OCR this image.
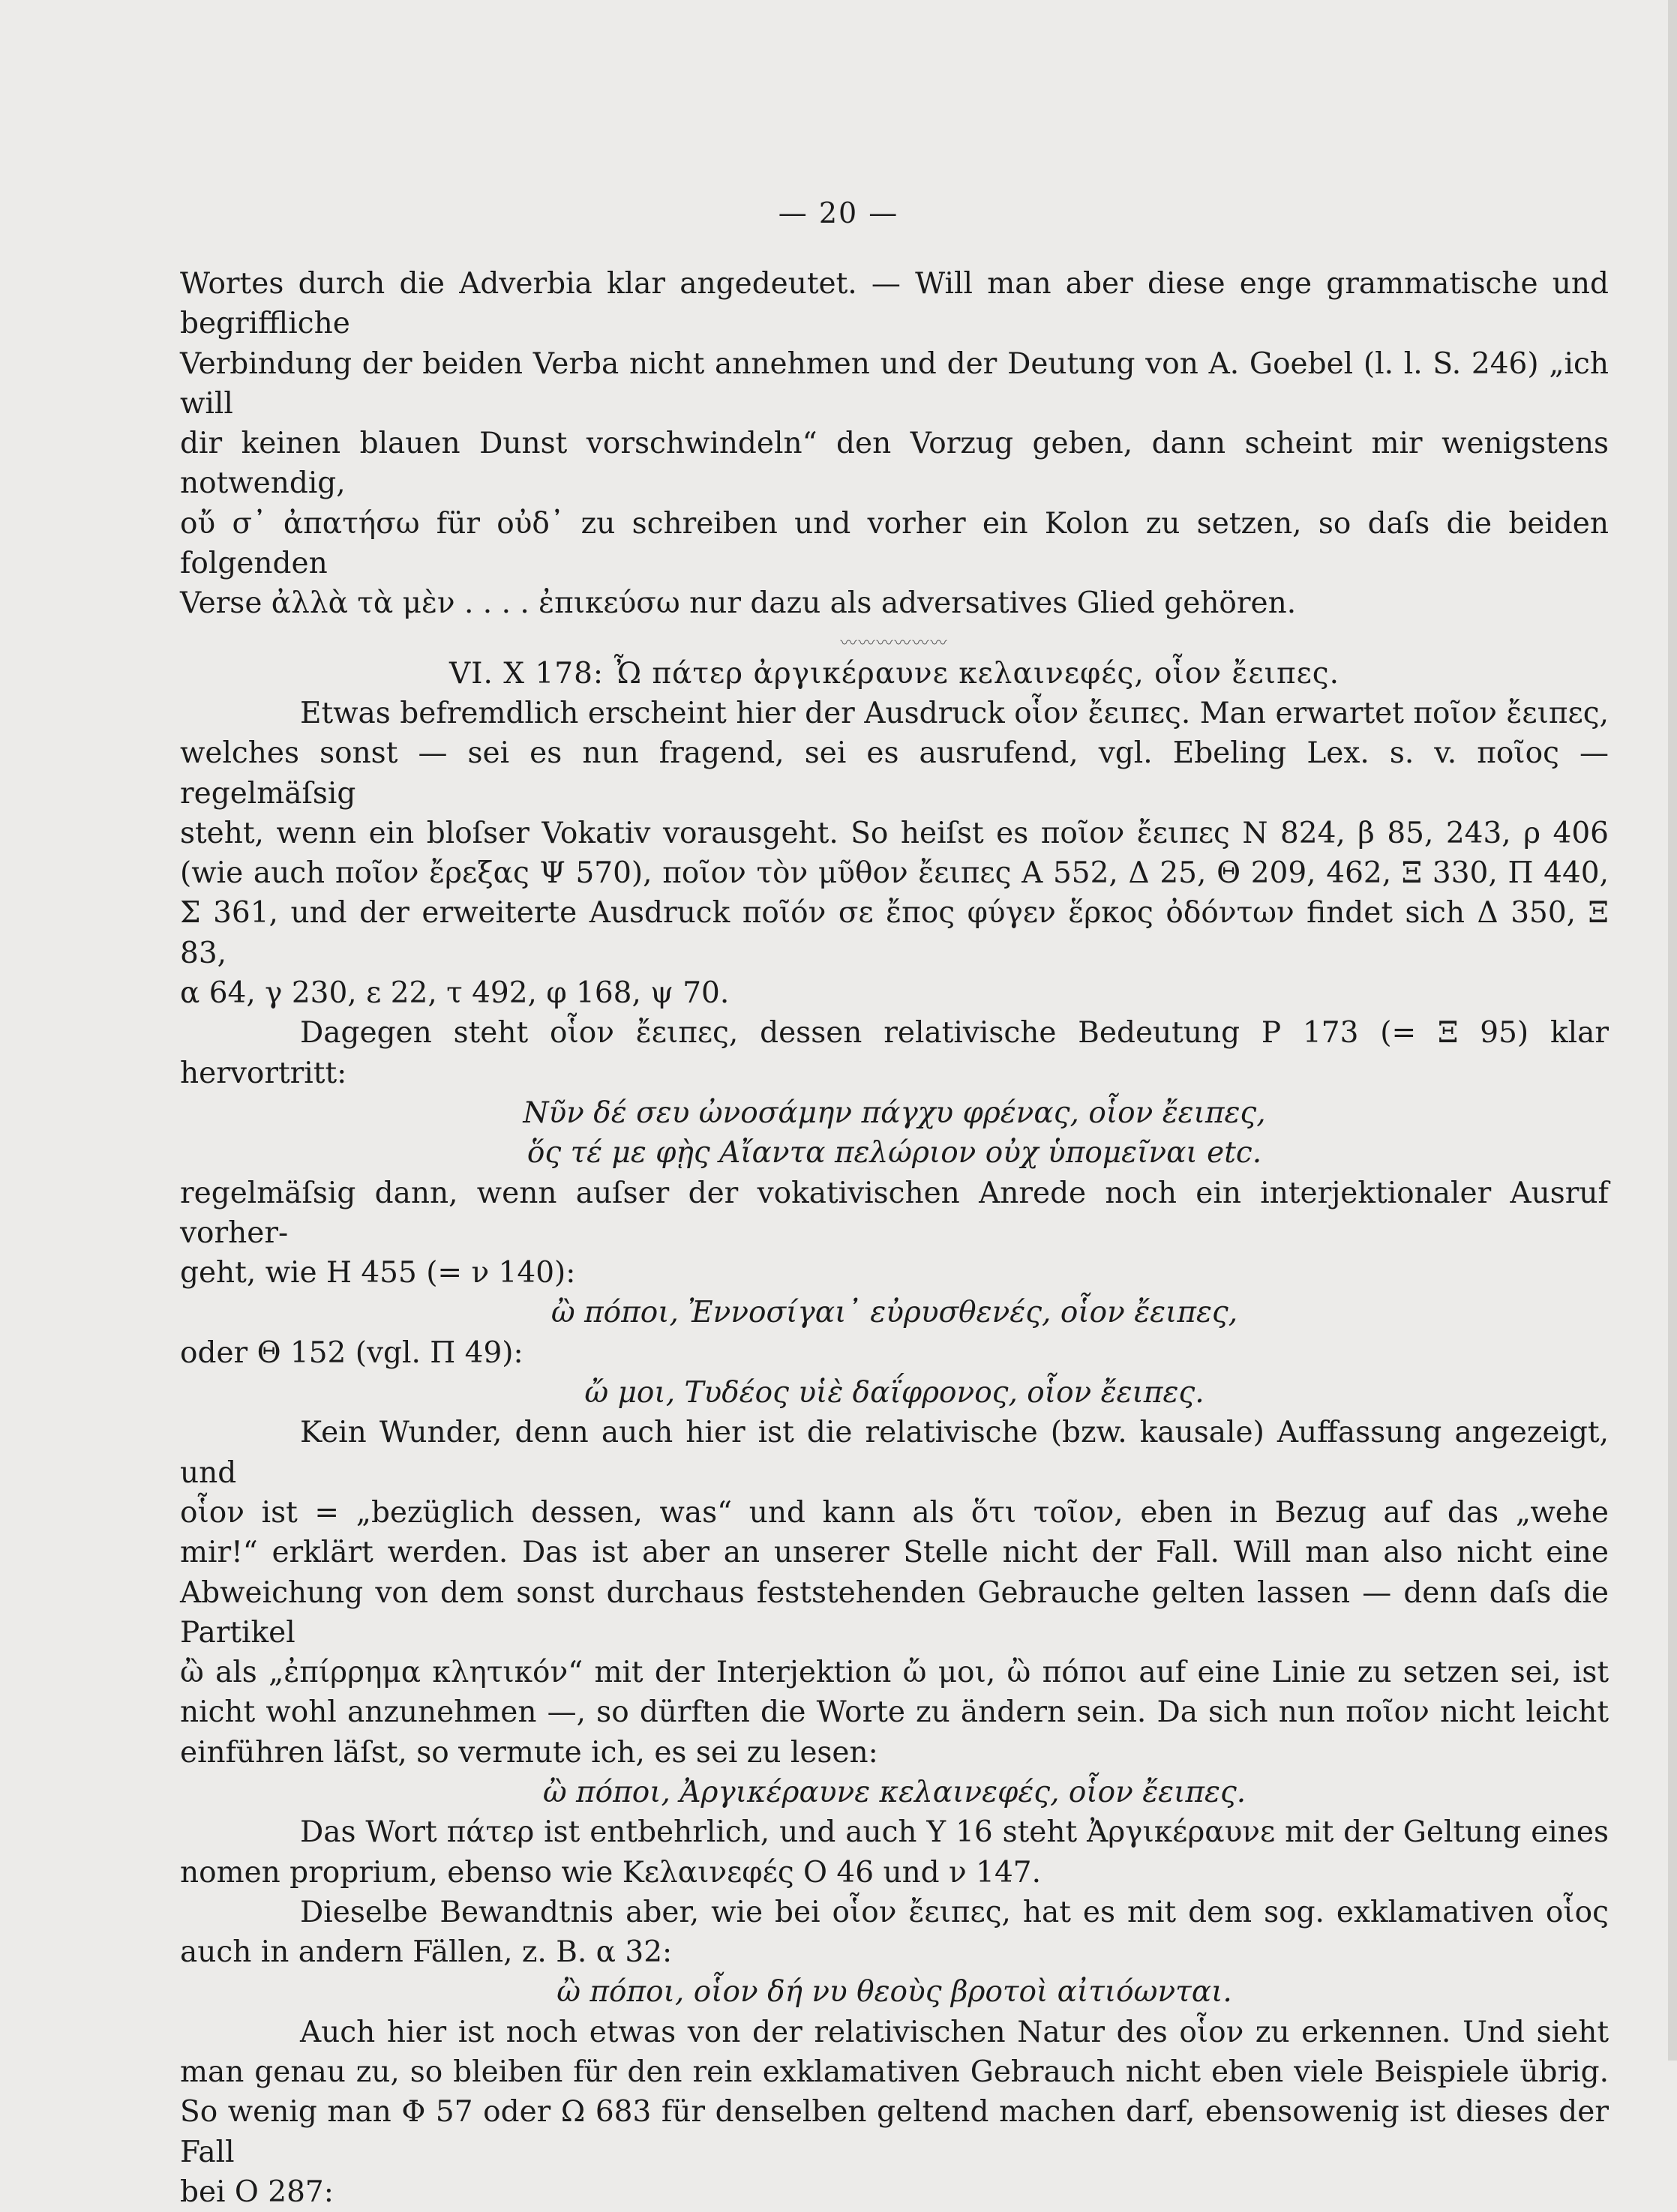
— 20 —

Wortes durch die Adverbia klar angedeutet. — Will man aber diese enge grammatische und begriffliche

Verbindung der beiden Verba nicht annehmen und der Deutung von A. Goebel (l. l. S. 246) „ich will

dir keinen blauen Dunst vorschwindeln“ den Vorzug geben, dann scheint mir wenigstens notwendig,

οὔ σ᾽ ἀπατήσω für οὐδ᾽ zu schreiben und vorher ein Kolon zu setzen, so daſs die beiden folgenden

Verse ἀλλὰ τὰ μὲν . . . . ἐπικεύσω nur dazu als adversatives Glied gehören.

〰〰〰〰〰〰

VI. Χ 178: Ὦ πάτερ ἀργικέραυνε κελαινεφές, οἷον ἔειπες.

Etwas befremdlich erscheint hier der Ausdruck οἷον ἔειπες. Man erwartet ποῖον ἔειπες,

welches sonst — sei es nun fragend, sei es ausrufend, vgl. Ebeling Lex. s. v. ποῖος — regelmäſsig

steht, wenn ein bloſser Vokativ vorausgeht. So heiſst es ποῖον ἔειπες Ν 824, β 85, 243, ρ 406

(wie auch ποῖον ἔρεξας Ψ 570), ποῖον τὸν μῦθον ἔειπες Α 552, Δ 25, Θ 209, 462, Ξ 330, Π 440,

Σ 361, und der erweiterte Ausdruck ποῖόν σε ἔπος φύγεν ἕρκος ὀδόντων findet sich Δ 350, Ξ 83,

α 64, γ 230, ε 22, τ 492, φ 168, ψ 70.

Dagegen steht οἷον ἔειπες, dessen relativische Bedeutung Ρ 173 (= Ξ 95) klar hervortritt:

Νῦν δέ σευ ὠνοσάμην πάγχυ φρένας, οἷον ἔειπες,

ὅς τέ με φῂς Αἴαντα πελώριον οὐχ ὑπομεῖναι etc.

regelmäſsig dann, wenn auſser der vokativischen Anrede noch ein interjektionaler Ausruf vorher-

geht, wie Η 455 (= ν 140):

ὢ πόποι, Ἐννοσίγαι᾽ εὐρυσθενές, οἷον ἔειπες,

oder Θ 152 (vgl. Π 49):

ὤ μοι, Τυδέος υἱὲ δαΐφρονος, οἷον ἔειπες.

Kein Wunder, denn auch hier ist die relativische (bzw. kausale) Auffassung angezeigt, und

οἷον ist = „bezüglich dessen, was“ und kann als ὅτι τοῖον, eben in Bezug auf das „wehe

mir!“ erklärt werden. Das ist aber an unserer Stelle nicht der Fall. Will man also nicht eine

Abweichung von dem sonst durchaus feststehenden Gebrauche gelten lassen — denn daſs die Partikel

ὢ als „ἐπίρρημα κλητικόν“ mit der Interjektion ὤ μοι, ὢ πόποι auf eine Linie zu setzen sei, ist

nicht wohl anzunehmen —, so dürften die Worte zu ändern sein. Da sich nun ποῖον nicht leicht

einführen läſst, so vermute ich, es sei zu lesen:

ὢ πόποι, Ἀργικέραυνε κελαινεφές, οἷον ἔειπες.

Das Wort πάτερ ist entbehrlich, und auch Υ 16 steht Ἀργικέραυνε mit der Geltung eines

nomen proprium, ebenso wie Κελαινεφές Ο 46 und ν 147.

Dieselbe Bewandtnis aber, wie bei οἷον ἔειπες, hat es mit dem sog. exklamativen οἷος

auch in andern Fällen, z. B. α 32:

ὢ πόποι, οἷον δή νυ θεοὺς βροτοὶ αἰτιόωνται.

Auch hier ist noch etwas von der relativischen Natur des οἷον zu erkennen. Und sieht

man genau zu, so bleiben für den rein exklamativen Gebrauch nicht eben viele Beispiele übrig.

So wenig man Φ 57 oder Ω 683 für denselben geltend machen darf, ebensowenig ist dieses der Fall

bei Ο 287:
